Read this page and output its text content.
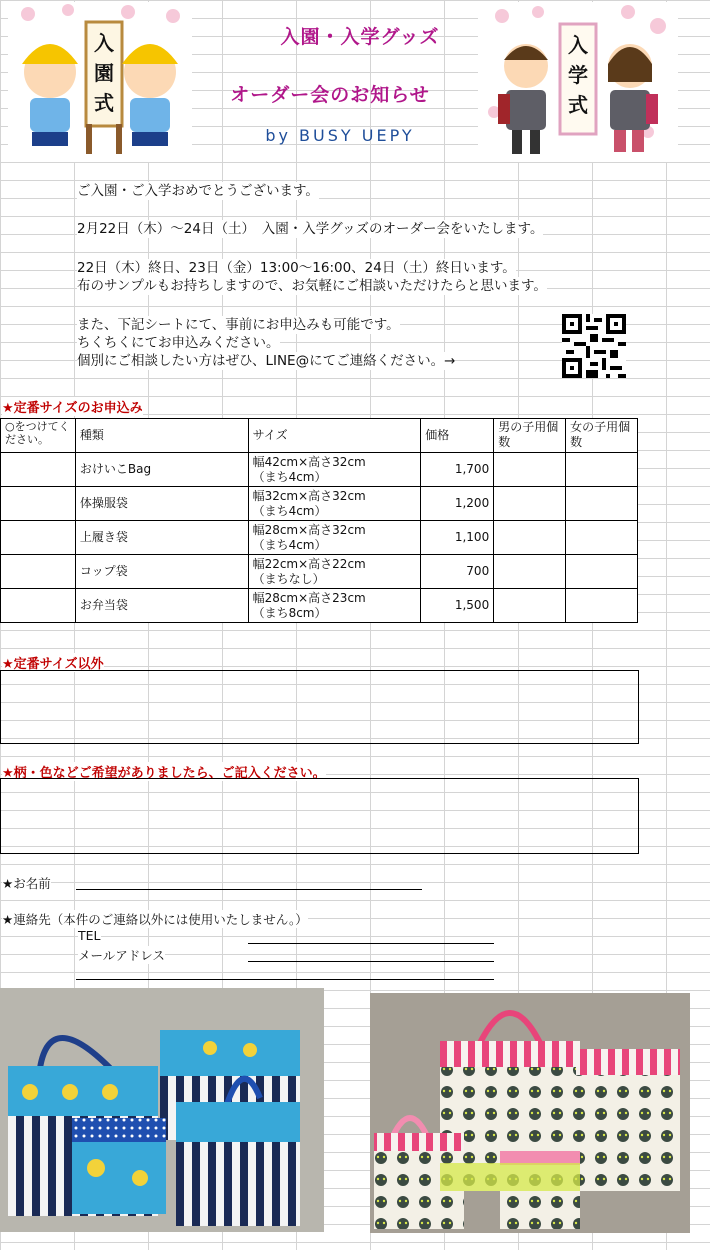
入園式
入学式
入園・入学グッズ
オーダー会のお知らせ
by BUSY UEPY
ご入園・ご入学おめでとうございます。
2月22日（木）～24日（土）　入園・入学グッズのオーダー会をいたします。
22日（木）終日、23日（金）13:00～16:00、24日（土）終日います。
布のサンプルもお持ちしますので、お気軽にご相談いただけたらと思います。
また、下記シートにて、事前にお申込みも可能です。
ちくちくにてお申込みください。
個別にご相談したい方はぜひ、LINE@にてご連絡ください。→
★定番サイズのお申込み
○をつけてください。	種類	サイズ	価格	男の子用個数	女の子用個数
	おけいこBag	幅42cm×高さ32cm
（まち4cm）	1,700		
	体操服袋	幅32cm×高さ32cm
（まち4cm）	1,200		
	上履き袋	幅28cm×高さ32cm
（まち4cm）	1,100		
	コップ袋	幅22cm×高さ22cm
（まちなし）	700		
	お弁当袋	幅28cm×高さ23cm
（まち8cm）	1,500		
★定番サイズ以外
★柄・色などご希望がありましたら、ご記入ください。
★お名前
★連絡先（本件のご連絡以外には使用いたしません。）
TEL
メールアドレス
